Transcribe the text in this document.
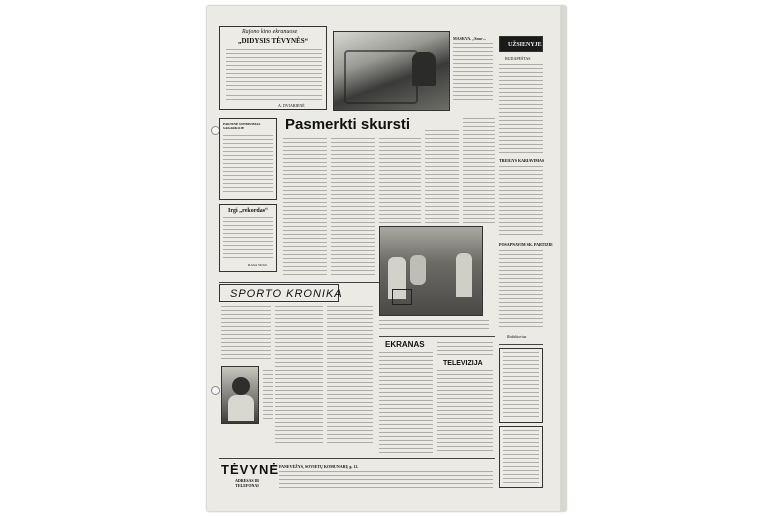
Rajono kino ekranuose
„DIDYSIS TĖVYNĖS“
A. DVIARIENĖ
MASKVA. „Smo-...
UŽSIENYJE
BUDAPEŠTAS
TREIGYS KARIAVIMAS
POSAPNAVIM SK. PARTIZIE
Redaktorius
PAKTINĖ STEBINIMAS SAKARKOJE
Irgi „rekordas“
RASA SIJAS
Pasmerkti skursti
SPORTO KRONIKA
EKRANAS
TELEVIZIJA
TĖVYNĖ
ADRESAS IR TELEFONAI
PANEVĖŽYS, SOVIETŲ KOMUNARŲ g. 12.
